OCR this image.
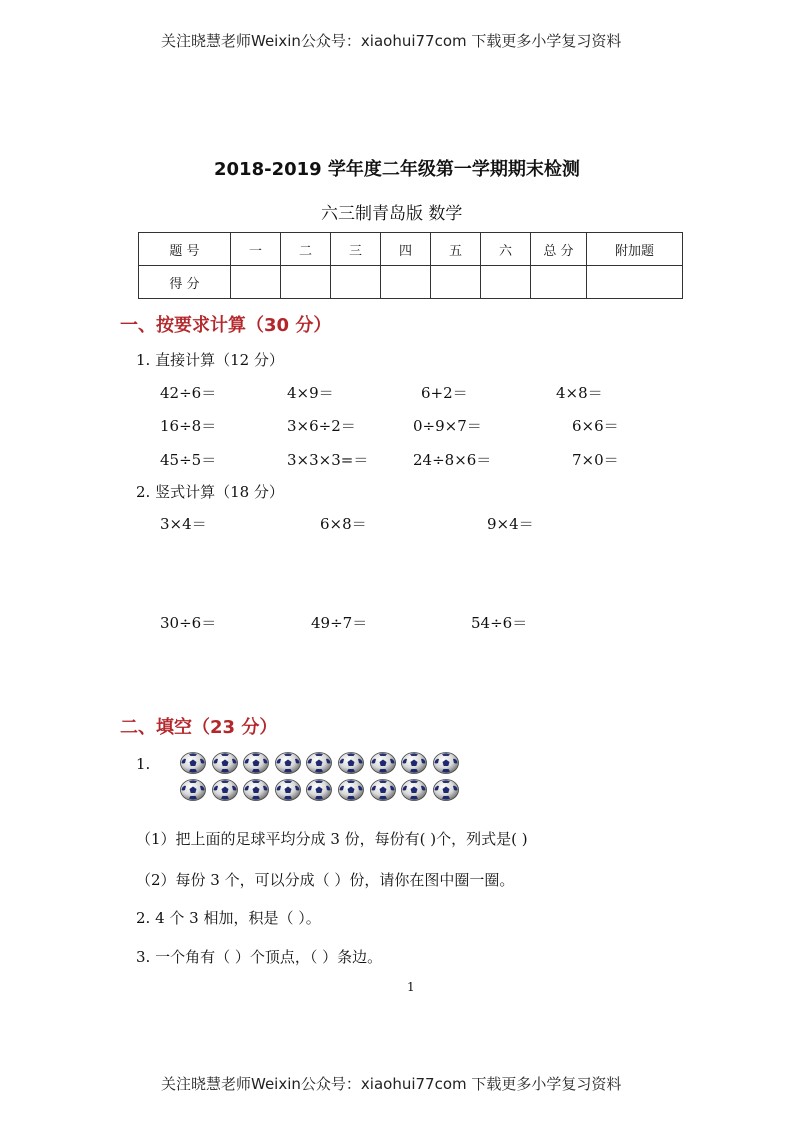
关注晓慧老师Weixin公众号：xiaohui77com 下载更多小学复习资料
2018-2019 学年度二年级第一学期期末检测
六三制青岛版 数学
题 号	一	二	三	四	五	六	总 分	附加题
得 分								
一、按要求计算（30 分）
1. 直接计算（12 分）
42÷6＝	4×9＝	6+2＝	4×8＝
16÷8＝	3×6÷2＝	0÷9×7＝	6×6＝
45÷5＝	3×3×3=＝	24÷8×6＝	7×0＝
2. 竖式计算（18 分）
3×4＝	6×8＝	9×4＝
30÷6＝	49÷7＝	54÷6＝
二、填空（23 分）
1.
（1）把上面的足球平均分成 3 份，每份有( )个，列式是( )
（2）每份 3 个，可以分成（ ）份，请你在图中圈一圈。
2. 4 个 3 相加，积是（ ）。
3. 一个角有（ ）个顶点，（ ）条边。
1
关注晓慧老师Weixin公众号：xiaohui77com 下载更多小学复习资料
